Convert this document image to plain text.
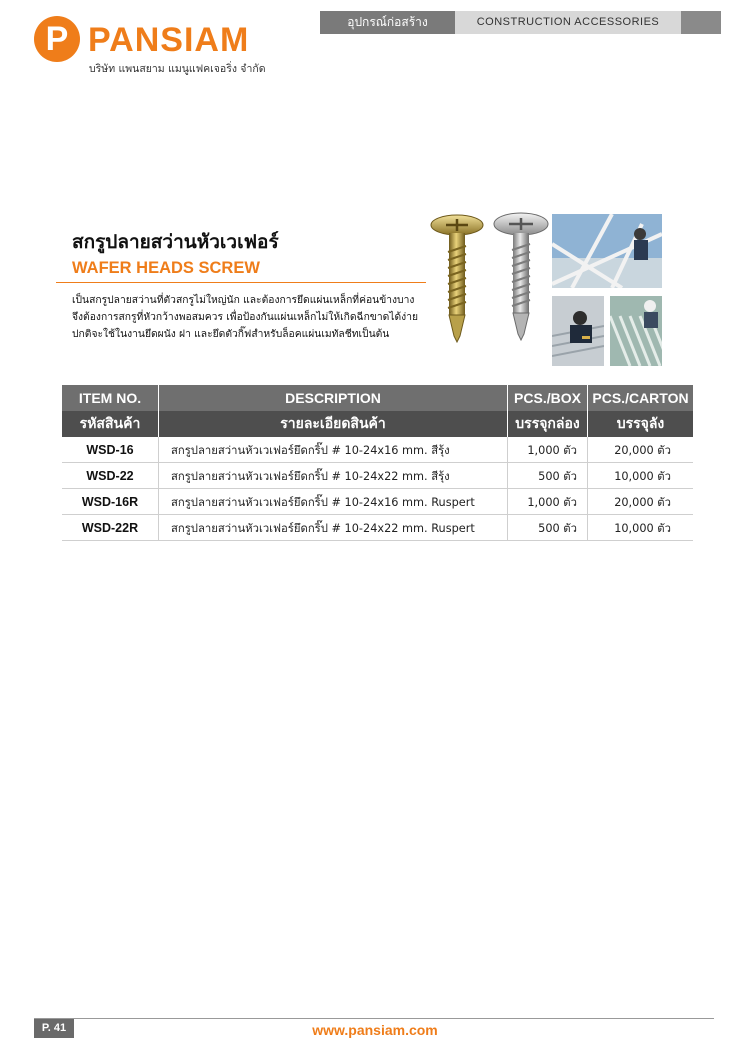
P PANSIAM
บริษัท แพนสยาม แมนูแฟคเจอริ่ง จำกัด
อุปกรณ์ก่อสร้าง	CONSTRUCTION ACCESSORIES
สกรูปลายสว่านหัวเวเฟอร์
WAFER HEADS SCREW
เป็นสกรูปลายสว่านที่ตัวสกรูไม่ใหญ่นัก และต้องการยึดแผ่นเหล็กที่ค่อนข้างบาง
จึงต้องการสกรูที่หัวกว้างพอสมควร เพื่อป้องกันแผ่นเหล็กไม่ให้เกิดฉีกขาดได้ง่าย
ปกติจะใช้ในงานยึดผนัง ฝา และยึดตัวกิ๊ฟสำหรับล็อคแผ่นเมทัลชีทเป็นต้น
ITEM NO.	DESCRIPTION	PCS./BOX PCS./CARTON
รหัสสินค้า	รายละเอียดสินค้า	บรรจุกล่อง	บรรจุลัง
WSD-16	สกรูปลายสว่านหัวเวเฟอร์ยึดกริ๊ป # 10-24x16 mm. สีรุ้ง	1,000 ตัว	20,000 ตัว
WSD-22	สกรูปลายสว่านหัวเวเฟอร์ยึดกริ๊ป # 10-24x22 mm. สีรุ้ง	500 ตัว	10,000 ตัว
WSD-16R	สกรูปลายสว่านหัวเวเฟอร์ยึดกริ๊ป # 10-24x16 mm. Ruspert	1,000 ตัว	20,000 ตัว
WSD-22R	สกรูปลายสว่านหัวเวเฟอร์ยึดกริ๊ป # 10-24x22 mm. Ruspert	500 ตัว	10,000 ตัว
P. 41	www.pansiam.com
